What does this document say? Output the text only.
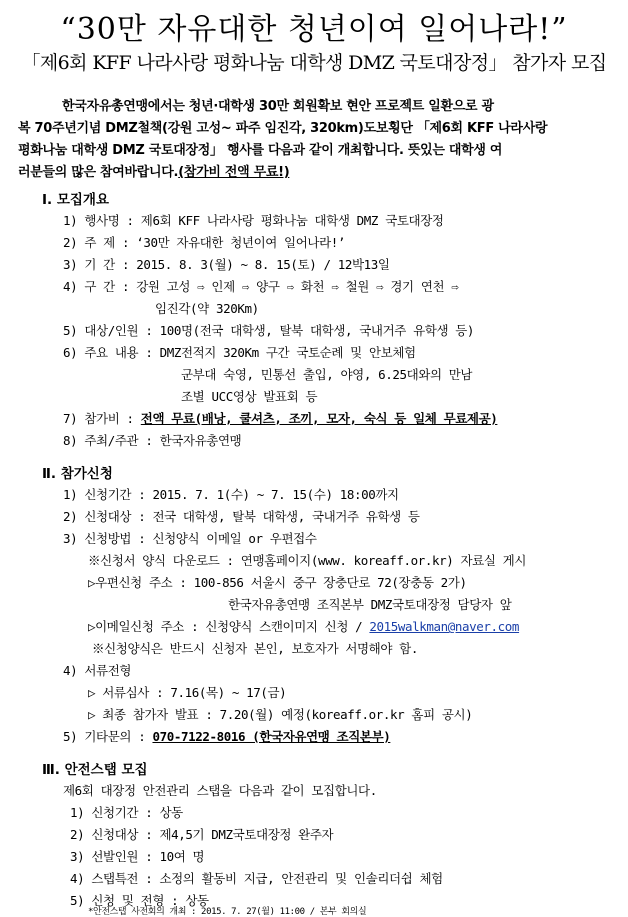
“30만 자유대한 청년이여 일어나라!”
「제6회 KFF 나라사랑 평화나눔 대학생 DMZ 국토대장정」 참가자 모집
한국자유총연맹에서는 청년·대학생 30만 회원확보 현안 프로젝트 일환으로 광
복 70주년기념 DMZ철책(강원 고성~ 파주 임진각, 320km)도보횡단 「제6회 KFF 나라사랑
평화나눔 대학생 DMZ 국토대장정」 행사를 다음과 같이 개최합니다. 뜻있는 대학생 여
러분들의 많은 참여바랍니다.(참가비 전액 무료!)
Ⅰ. 모집개요
1) 행사명 : 제6회 KFF 나라사랑 평화나눔 대학생 DMZ 국토대장정
2) 주 제 : ‘30만 자유대한 청년이여 일어나라!’
3) 기 간 : 2015. 8. 3(월) ~ 8. 15(토) / 12박13일
4) 구 간 : 강원 고성 ⇨ 인제 ⇨ 양구 ⇨ 화천 ⇨ 철원 ⇨ 경기 연천 ⇨
임진각(약 320Km)
5) 대상/인원 : 100명(전국 대학생, 탈북 대학생, 국내거주 유학생 등)
6) 주요 내용 : DMZ전적지 320Km 구간 국토순례 및 안보체험
군부대 숙영, 민통선 출입, 야영, 6.25대와의 만남
조별 UCC영상 발표회 등
7) 참가비 : 전액 무료(배낭, 쿨셔츠, 조끼, 모자, 숙식 등 일체 무료제공)
8) 주최/주관 : 한국자유총연맹
Ⅱ. 참가신청
1) 신청기간 : 2015. 7. 1(수) ~ 7. 15(수) 18:00까지
2) 신청대상 : 전국 대학생, 탈북 대학생, 국내거주 유학생 등
3) 신청방법 : 신청양식 이메일 or 우편접수
※신청서 양식 다운로드 : 연맹홈페이지(www. koreaff.or.kr) 자료실 게시
▷우편신청 주소 : 100-856 서울시 중구 장충단로 72(장충동 2가)
한국자유총연맹 조직본부 DMZ국토대장정 담당자 앞
▷이메일신청 주소 : 신청양식 스캔이미지 신청 / 2015walkman@naver.com
※신청양식은 반드시 신청자 본인, 보호자가 서명해야 함.
4) 서류전형
▷ 서류심사 : 7.16(목) ~ 17(금)
▷ 최종 참가자 발표 : 7.20(월) 예정(koreaff.or.kr 홈피 공시)
5) 기타문의 : 070-7122-8016 (한국자유연맹 조직본부)
Ⅲ. 안전스탭 모집
제6회 대장정 안전관리 스탭을 다음과 같이 모집합니다.
1) 신청기간 : 상동
2) 신청대상 : 제4,5기 DMZ국토대장정 완주자
3) 선발인원 : 10여 명
4) 스탭특전 : 소정의 활동비 지급, 안전관리 및 인솔리더쉽 체험
5) 신청 및 전형 : 상동
*안전스탭 사전회의 개최 : 2015. 7. 27(월) 11:00 / 본부 회의실
